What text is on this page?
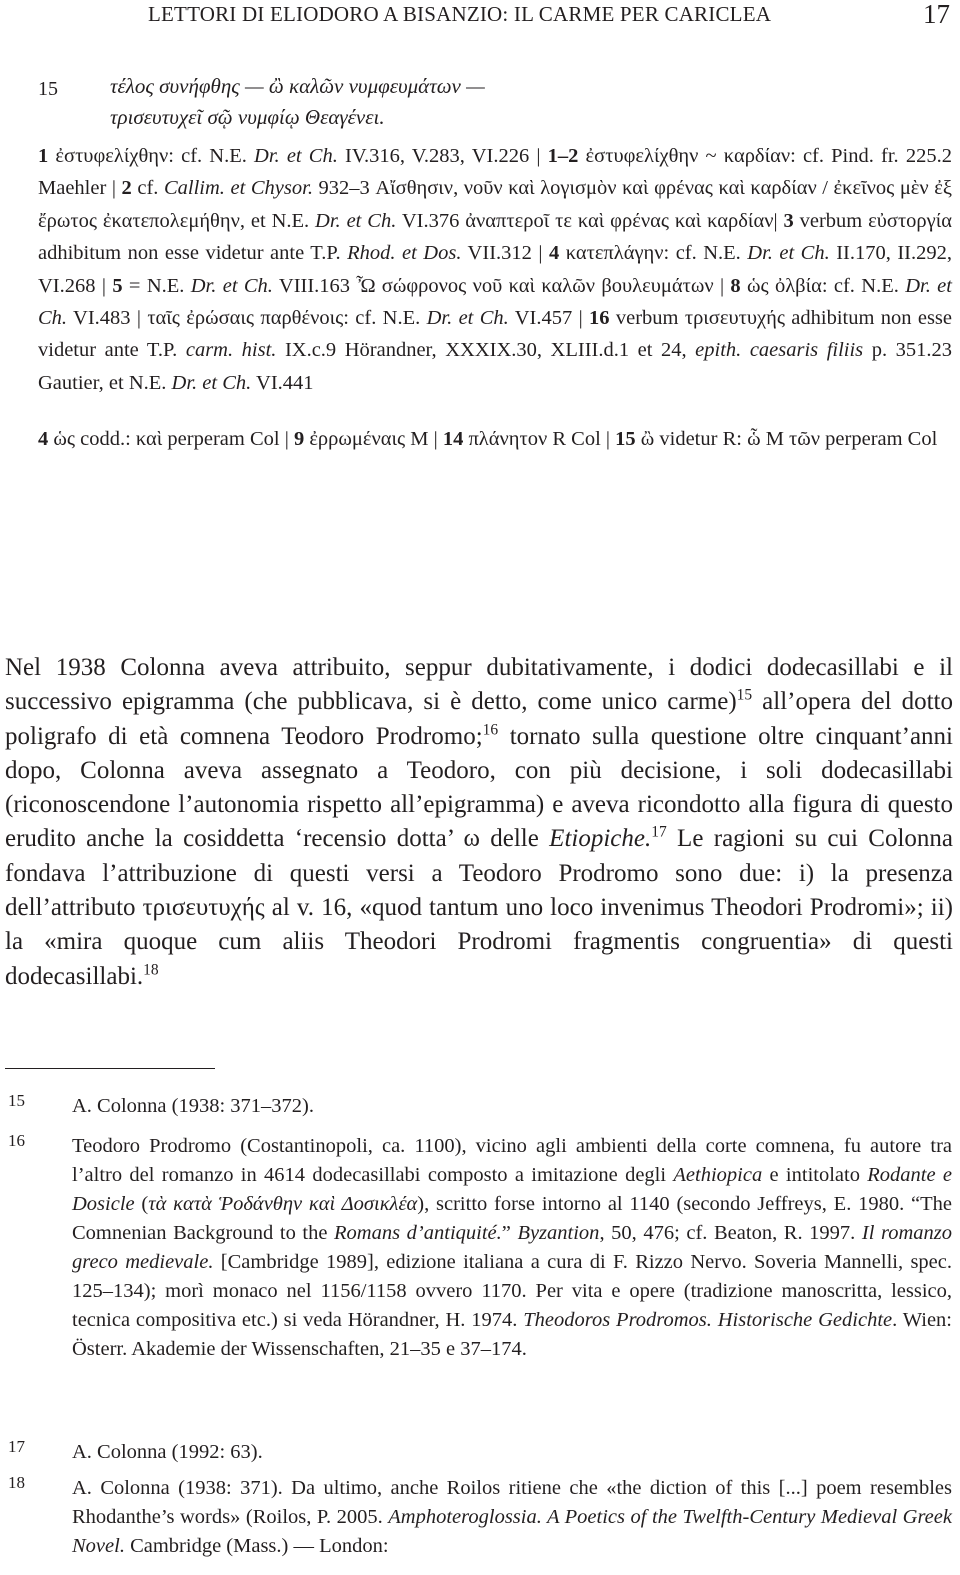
LETTORI DI ELIODORO A BISANZIO: IL CARME PER CARICLEA	17
15 τέλος συνήφθης — ὢ καλῶν νυμφευμάτων —
τρισευτυχεῖ σῷ νυμφίῳ Θεαγένει.

1 ἐστυφελίχθην: cf. N.E. Dr. et Ch. IV.316, V.283, VI.226 | 1–2 ἐστυφελίχθην ~ καρδίαν: cf. Pind. fr. 225.2 Maehler | 2 cf. Callim. et Chysor. 932–3 Αἴσθησιν, νοῦν καὶ λογισμὸν καὶ φρένας καὶ καρδίαν / ἐκεῖνος μὲν ἐξ ἔρωτος ἐκατεπολεμήθην, et N.E. Dr. et Ch. VI.376 ἀναπτεροῖ τε καὶ φρένας καὶ καρδίαν| 3 verbum εὐστοργία adhibitum non esse videtur ante T.P. Rhod. et Dos. VII.312 | 4 κατεπλάγην: cf. N.E. Dr. et Ch. II.170, II.292, VI.268 | 5 = N.E. Dr. et Ch. VIII.163 Ὦ σώφρονος νοῦ καὶ καλῶν βουλευμάτων | 8 ὡς ὀλβία: cf. N.E. Dr. et Ch. VI.483 | ταῖς ἐρώσαις παρθένοις: cf. N.E. Dr. et Ch. VI.457 | 16 verbum τρισευτυχής adhibitum non esse videtur ante T.P. carm. hist. IX.c.9 Hörandner, XXXIX.30, XLIII.d.1 et 24, epith. caesaris filiis p. 351.23 Gautier, et N.E. Dr. et Ch. VI.441

4 ὡς codd.: καὶ perperam Col | 9 ἐρρωμέναις M | 14 πλάνητον R Col | 15 ὢ videtur R: ὧ M τῶν perperam Col

Nel 1938 Colonna aveva attribuito, seppur dubitativamente, i dodici dodecasillabi e il successivo epigramma (che pubblicava, si è detto, come unico carme)$^{15}$ all’opera del dotto poligrafo di età comnena Teodoro Prodromo;$^{16}$ tornato sulla questione oltre cinquant’anni dopo, Colonna aveva assegnato a Teodoro, con più decisione, i soli dodecasillabi (riconoscendone l’autonomia rispetto all’epigramma) e aveva ricondotto alla figura di questo erudito anche la cosiddetta ‘recensio dotta’ ω delle Etiopiche.$^{17}$ Le ragioni su cui Colonna fondava l’attribuzione di questi versi a Teodoro Prodromo sono due: i) la presenza dell’attributo τρισευτυχής al v. 16, «quod tantum uno loco invenimus Theodori Prodromi»; ii) la «mira quoque cum aliis Theodori Prodromi fragmentis congruentia» di questi dodecasillabi.$^{18}$

15 A. Colonna (1938: 371–372).

16 Teodoro Prodromo (Costantinopoli, ca. 1100), vicino agli ambienti della corte comnena, fu autore tra l’altro del romanzo in 4614 dodecasillabi composto a imitazione degli Aethiopica e intitolato Rodante e Dosicle (τὰ κατὰ Ῥοδάνθην καὶ Δοσικλέα), scritto forse intorno al 1140 (secondo Jeffreys, E. 1980. “The Comnenian Background to the Romans d’antiquité.” Byzantion, 50, 476; cf. Beaton, R. 1997. Il romanzo greco medievale. [Cambridge 1989], edizione italiana a cura di F. Rizzo Nervo. Soveria Mannelli, spec. 125–134); morì monaco nel 1156/1158 ovvero 1170. Per vita e opere (tradizione manoscritta, lessico, tecnica compositiva etc.) si veda Hörandner, H. 1974. Theodoros Prodromos. Historische Gedichte. Wien: Österr. Akademie der Wissenschaften, 21–35 e 37–174.

17 A. Colonna (1992: 63).

18 A. Colonna (1938: 371). Da ultimo, anche Roilos ritiene che «the diction of this [...] poem resembles Rhodanthe’s words» (Roilos, P. 2005. Amphoteroglossia. A Poetics of the Twelfth-Century Medieval Greek Novel. Cambridge (Mass.) — London:
